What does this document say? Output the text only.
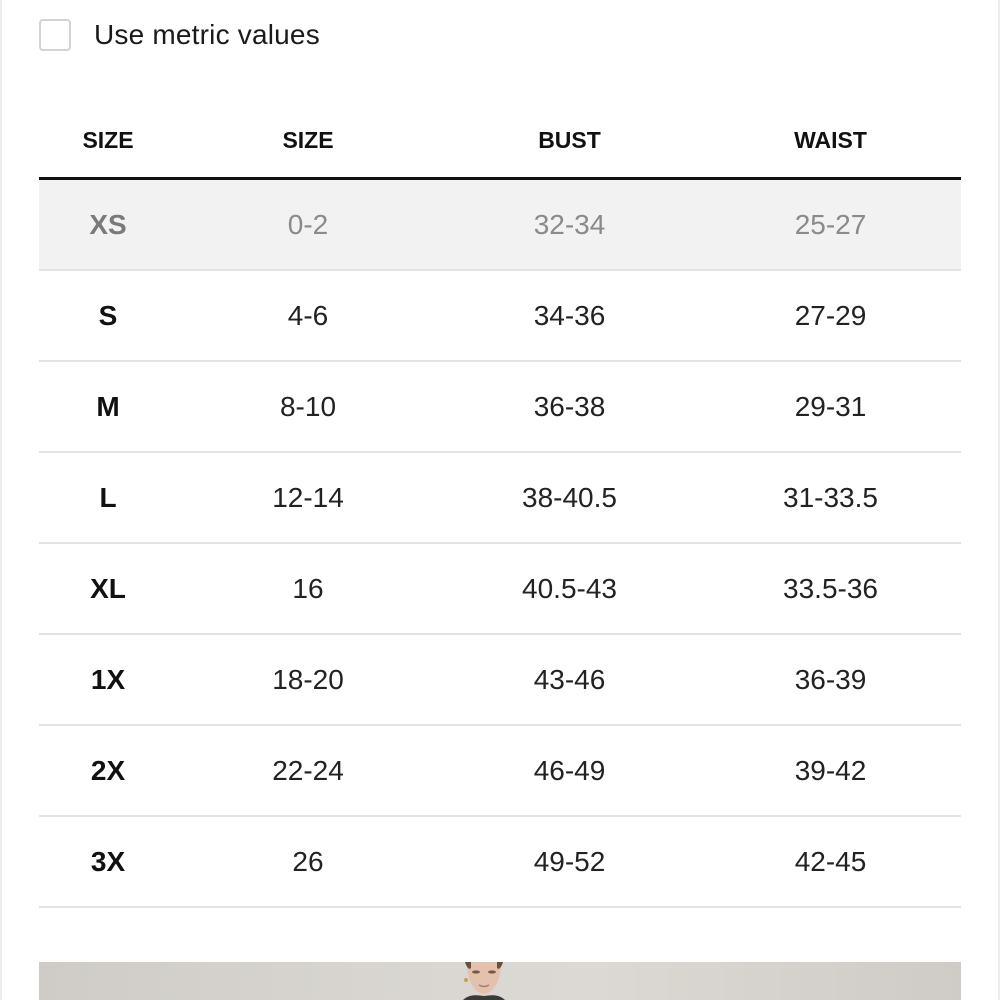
Use metric values
SIZE	SIZE	BUST	WAIST
XS	0-2	32-34	25-27
S	4-6	34-36	27-29
M	8-10	36-38	29-31
L	12-14	38-40.5	31-33.5
XL	16	40.5-43	33.5-36
1X	18-20	43-46	36-39
2X	22-24	46-49	39-42
3X	26	49-52	42-45
